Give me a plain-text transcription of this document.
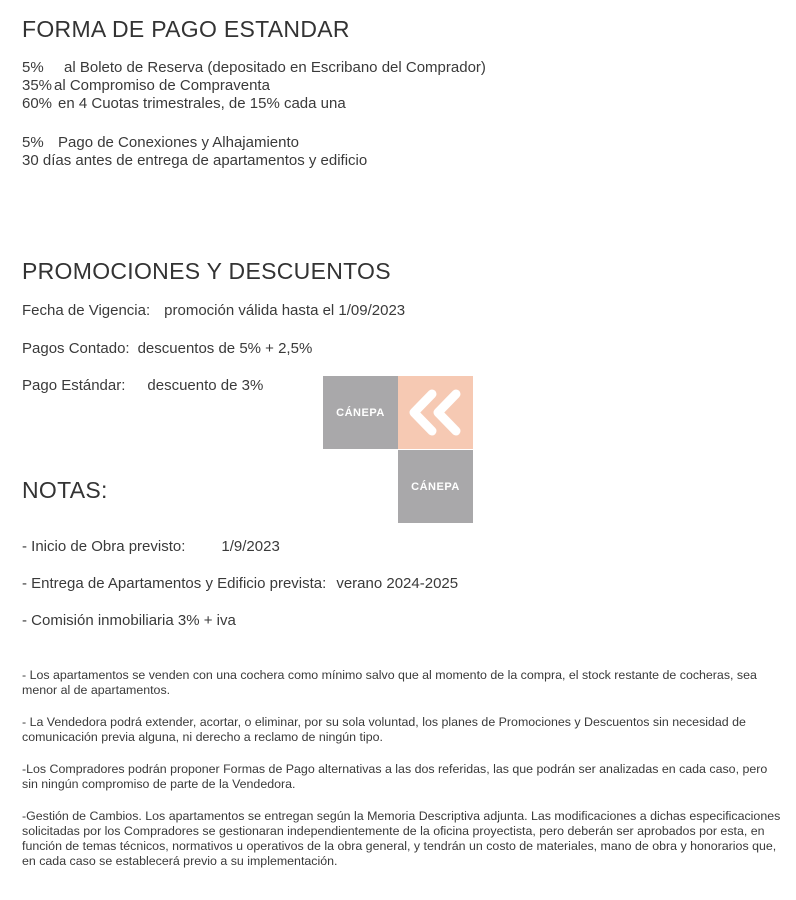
FORMA DE PAGO ESTANDAR
5% al Boleto de Reserva (depositado en Escribano del Comprador)
35% al Compromiso de Compraventa
60% en 4 Cuotas trimestrales, de 15% cada una
5% Pago de Conexiones y Alhajamiento
30 días antes de entrega de apartamentos y edificio
PROMOCIONES Y DESCUENTOS
Fecha de Vigencia: promoción válida hasta el 1/09/2023
Pagos Contado: descuentos de 5% + 2,5%
Pago Estándar: descuento de 3%
CÁNEPA
CÁNEPA
NOTAS:
- Inicio de Obra previsto: 1/9/2023
- Entrega de Apartamentos y Edificio prevista: verano 2024-2025
- Comisión inmobiliaria 3% + iva
- Los apartamentos se venden con una cochera como mínimo salvo que al momento de la compra, el stock restante de cocheras, sea menor al de apartamentos.
- La Vendedora podrá extender, acortar, o eliminar, por su sola voluntad, los planes de Promociones y Descuentos sin necesidad de comunicación previa alguna, ni derecho a reclamo de ningún tipo.
-Los Compradores podrán proponer Formas de Pago alternativas a las dos referidas, las que podrán ser analizadas en cada caso, pero sin ningún compromiso de parte de la Vendedora.
-Gestión de Cambios. Los apartamentos se entregan según la Memoria Descriptiva adjunta. Las modificaciones a dichas especificaciones solicitadas por los Compradores se gestionaran independientemente de la oficina proyectista, pero deberán ser aprobados por esta, en función de temas técnicos, normativos u operativos de la obra general, y tendrán un costo de materiales, mano de obra y honorarios que, en cada caso se establecerá previo a su implementación.
